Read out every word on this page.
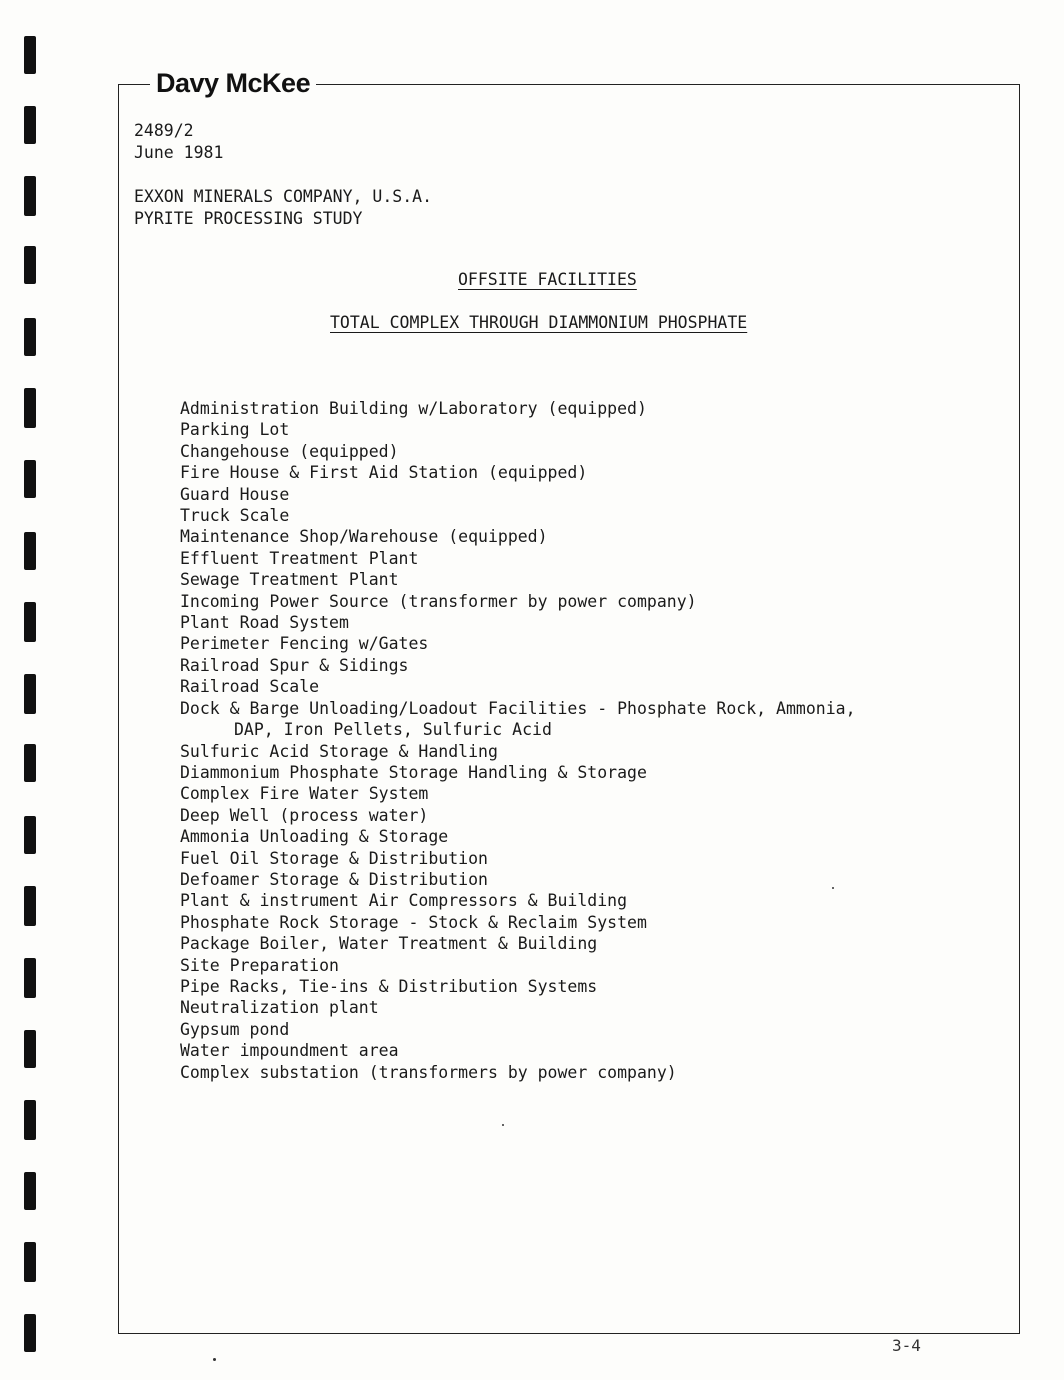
Davy McKee
2489/2
June 1981
EXXON MINERALS COMPANY, U.S.A.
PYRITE PROCESSING STUDY
OFFSITE FACILITIES
TOTAL COMPLEX THROUGH DIAMMONIUM PHOSPHATE
Administration Building w/Laboratory (equipped)
Parking Lot
Changehouse (equipped)
Fire House & First Aid Station (equipped)
Guard House
Truck Scale
Maintenance Shop/Warehouse (equipped)
Effluent Treatment Plant
Sewage Treatment Plant
Incoming Power Source (transformer by power company)
Plant Road System
Perimeter Fencing w/Gates
Railroad Spur & Sidings
Railroad Scale
Dock & Barge Unloading/Loadout Facilities - Phosphate Rock, Ammonia,
DAP, Iron Pellets, Sulfuric Acid
Sulfuric Acid Storage & Handling
Diammonium Phosphate Storage Handling & Storage
Complex Fire Water System
Deep Well (process water)
Ammonia Unloading & Storage
Fuel Oil Storage & Distribution
Defoamer Storage & Distribution
Plant & instrument Air Compressors & Building
Phosphate Rock Storage - Stock & Reclaim System
Package Boiler, Water Treatment & Building
Site Preparation
Pipe Racks, Tie-ins & Distribution Systems
Neutralization plant
Gypsum pond
Water impoundment area
Complex substation (transformers by power company)
3-4
